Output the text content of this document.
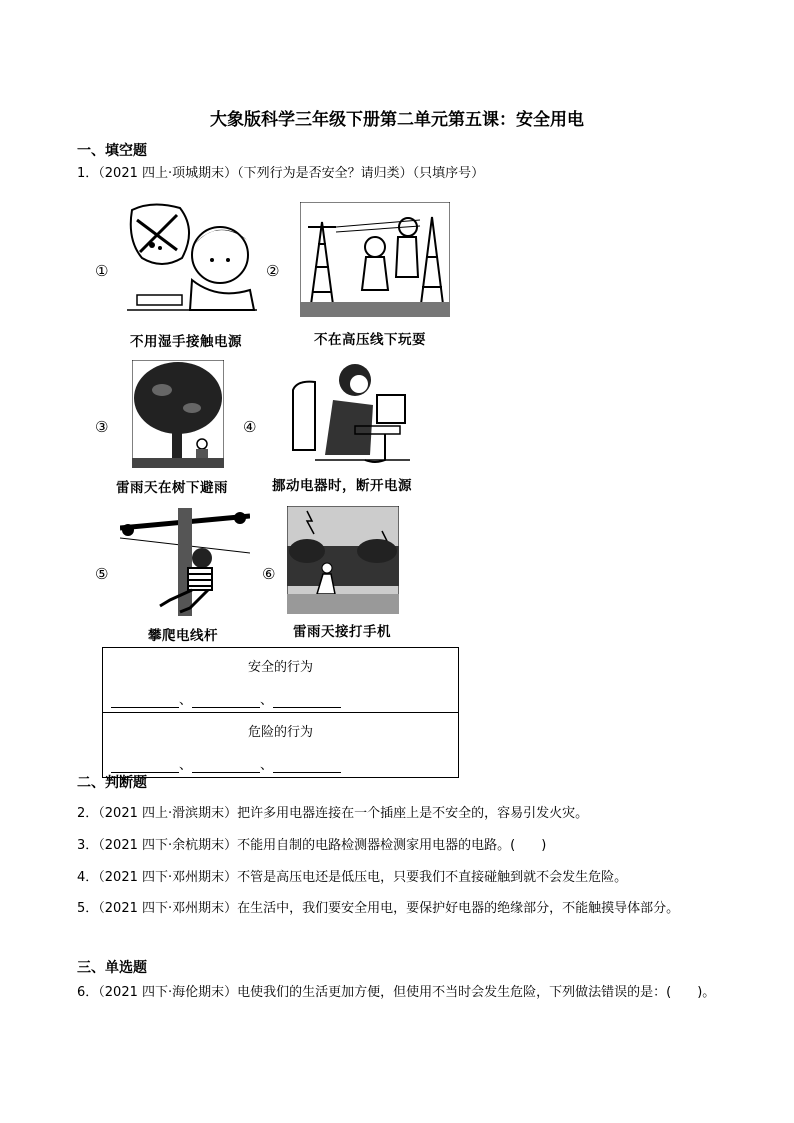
大象版科学三年级下册第二单元第五课：安全用电
一、填空题
1．（2021 四上·项城期末）（下列行为是否安全？请归类）（只填序号）
①	②
不用湿手接触电源	不在高压线下玩耍
③	④
雷雨天在树下避雨	挪动电器时，断开电源
⑤	⑥
攀爬电线杆	雷雨天接打手机
安全的行为
、	、

危险的行为
、	、
二、判断题
2．（2021 四上·滑滨期末）把许多用电器连接在一个插座上是不安全的，容易引发火灾。
3．（2021 四下·余杭期末）不能用自制的电路检测器检测家用电器的电路。(　　)
4．（2021 四下·邓州期末）不管是高压电还是低压电，只要我们不直接碰触到就不会发生危险。
5．（2021 四下·邓州期末）在生活中，我们要安全用电，要保护好电器的绝缘部分，不能触摸导体部分。
三、单选题
6．（2021 四下·海伦期末）电使我们的生活更加方便，但使用不当时会发生危险，下列做法错误的是：(　　)。
